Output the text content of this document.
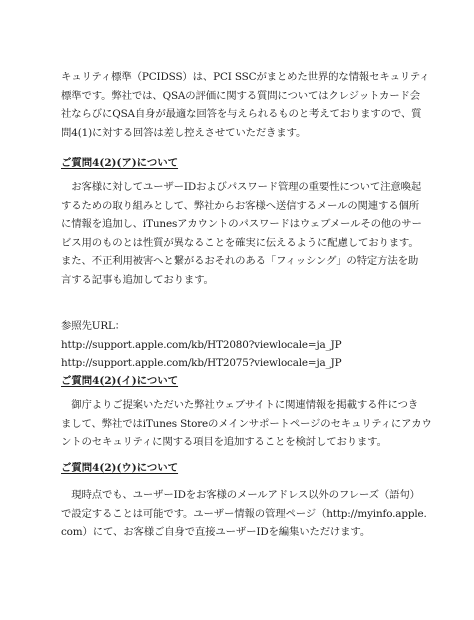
キュリティ標準（PCIDSS）は、PCI SSCがまとめた世界的な情報セキュリティ
標準です。弊社では、QSAの評価に関する質問についてはクレジットカード会
社ならびにQSA自身が最適な回答を与えられるものと考えておりますので、質
問4(1)に対する回答は差し控えさせていただきます。
ご質問4(2)(ア)について
　お客様に対してユーザーIDおよびパスワード管理の重要性について注意喚起
するための取り組みとして、弊社からお客様へ送信するメールの関連する個所
に情報を追加し、iTunesアカウントのパスワードはウェブメールその他のサー
ビス用のものとは性質が異なることを確実に伝えるように配慮しております。
また、不正利用被害へと繋がるおそれのある「フィッシング」の特定方法を助
言する記事も追加しております。
参照先URL：
http://support.apple.com/kb/HT2080?viewlocale=ja_JP
http://support.apple.com/kb/HT2075?viewlocale=ja_JP
ご質問4(2)(イ)について
　御庁よりご提案いただいた弊社ウェブサイトに関連情報を掲載する件につき
まして、弊社ではiTunes Storeのメインサポートページのセキュリティにアカウ
ントのセキュリティに関する項目を追加することを検討しております。
ご質問4(2)(ウ)について
　現時点でも、ユーザーIDをお客様のメールアドレス以外のフレーズ（語句）
で設定することは可能です。ユーザー情報の管理ページ（http://myinfo.apple.
com）にて、お客様ご自身で直接ユーザーIDを編集いただけます。
